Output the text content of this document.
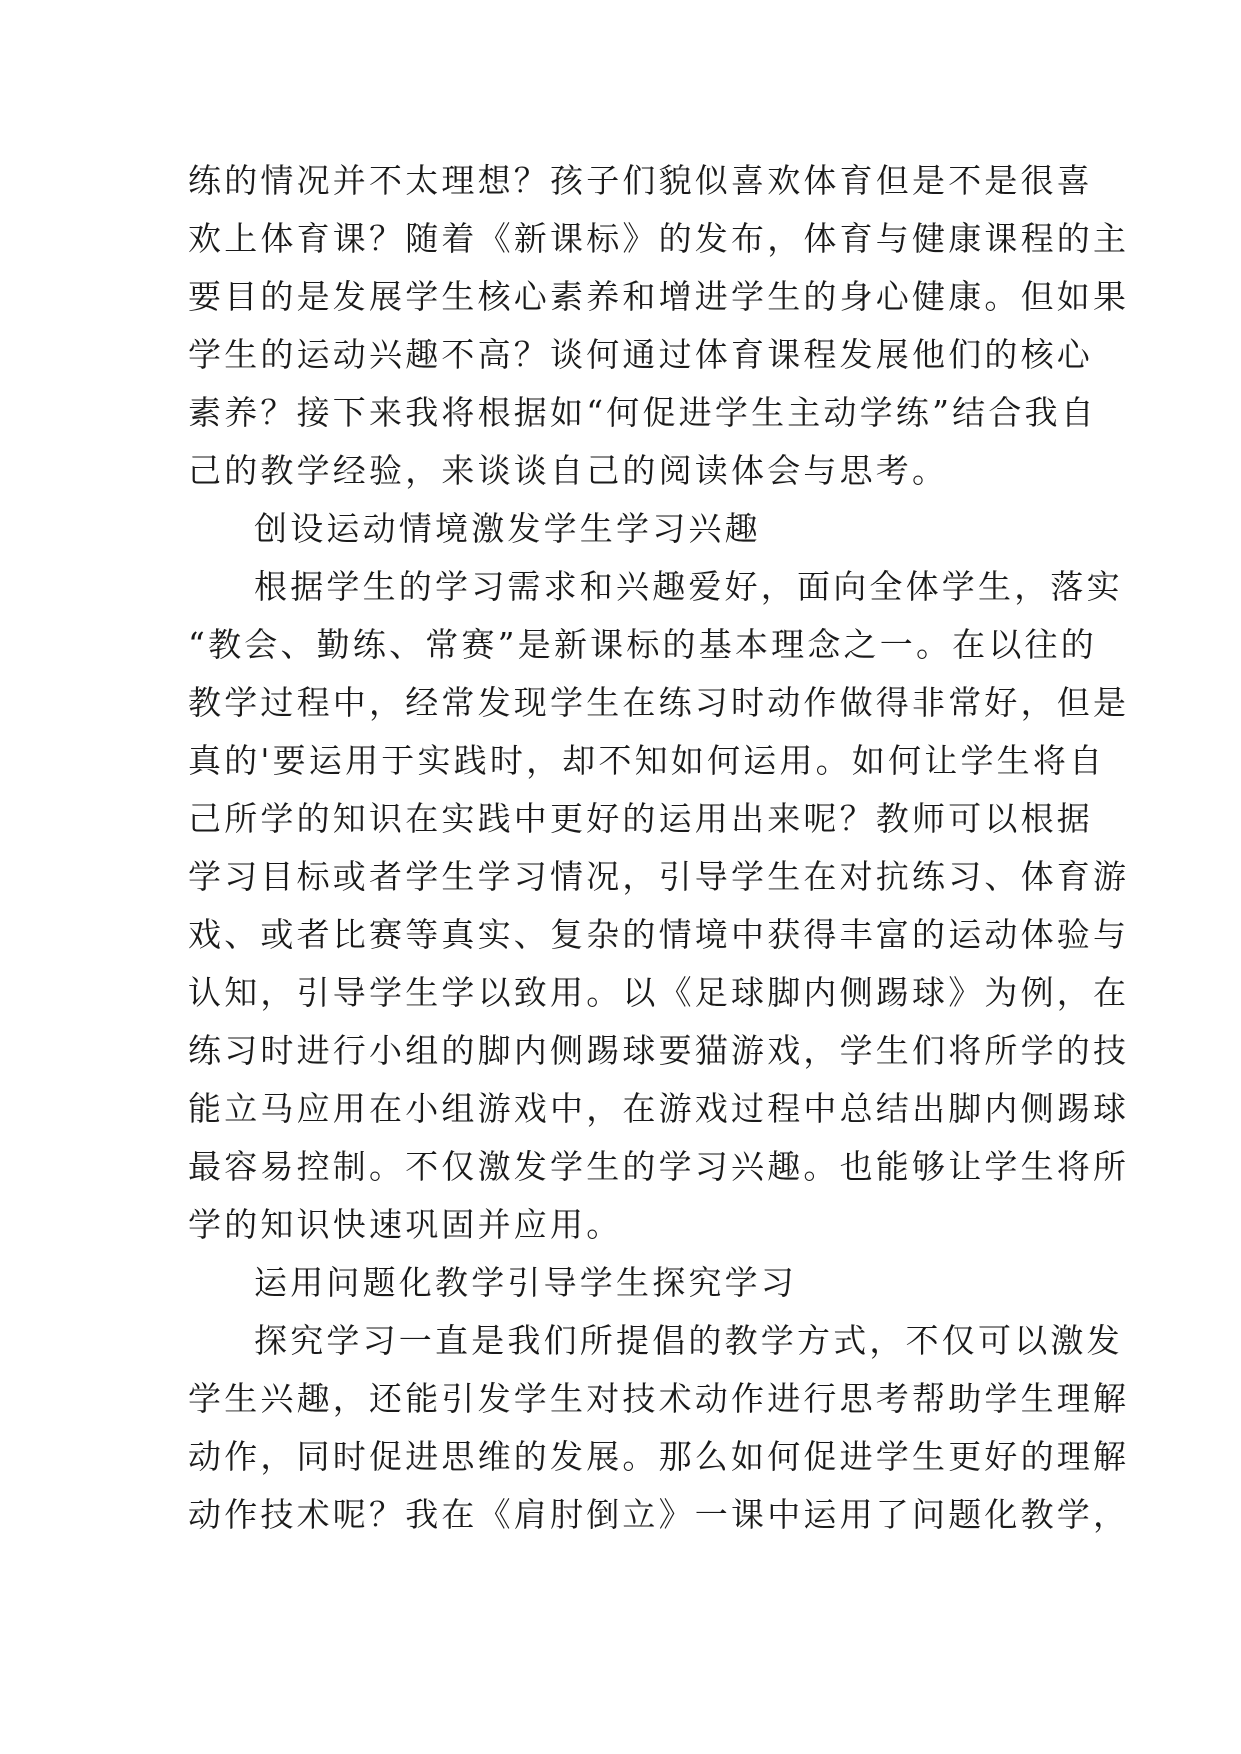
练的情况并不太理想？孩子们貌似喜欢体育但是不是很喜
欢上体育课？随着《新课标》的发布，体育与健康课程的主
要目的是发展学生核心素养和增进学生的身心健康。但如果
学生的运动兴趣不高？谈何通过体育课程发展他们的核心
素养？接下来我将根据如“何促进学生主动学练”结合我自
己的教学经验，来谈谈自己的阅读体会与思考。
创设运动情境激发学生学习兴趣
根据学生的学习需求和兴趣爱好，面向全体学生，落实
“教会、勤练、常赛”是新课标的基本理念之一。在以往的
教学过程中，经常发现学生在练习时动作做得非常好，但是
真的'要运用于实践时，却不知如何运用。如何让学生将自
己所学的知识在实践中更好的运用出来呢？教师可以根据
学习目标或者学生学习情况，引导学生在对抗练习、体育游
戏、或者比赛等真实、复杂的情境中获得丰富的运动体验与
认知，引导学生学以致用。以《足球脚内侧踢球》为例，在
练习时进行小组的脚内侧踢球要猫游戏，学生们将所学的技
能立马应用在小组游戏中，在游戏过程中总结出脚内侧踢球
最容易控制。不仅激发学生的学习兴趣。也能够让学生将所
学的知识快速巩固并应用。
运用问题化教学引导学生探究学习
探究学习一直是我们所提倡的教学方式，不仅可以激发
学生兴趣，还能引发学生对技术动作进行思考帮助学生理解
动作，同时促进思维的发展。那么如何促进学生更好的理解
动作技术呢？我在《肩肘倒立》一课中运用了问题化教学，
